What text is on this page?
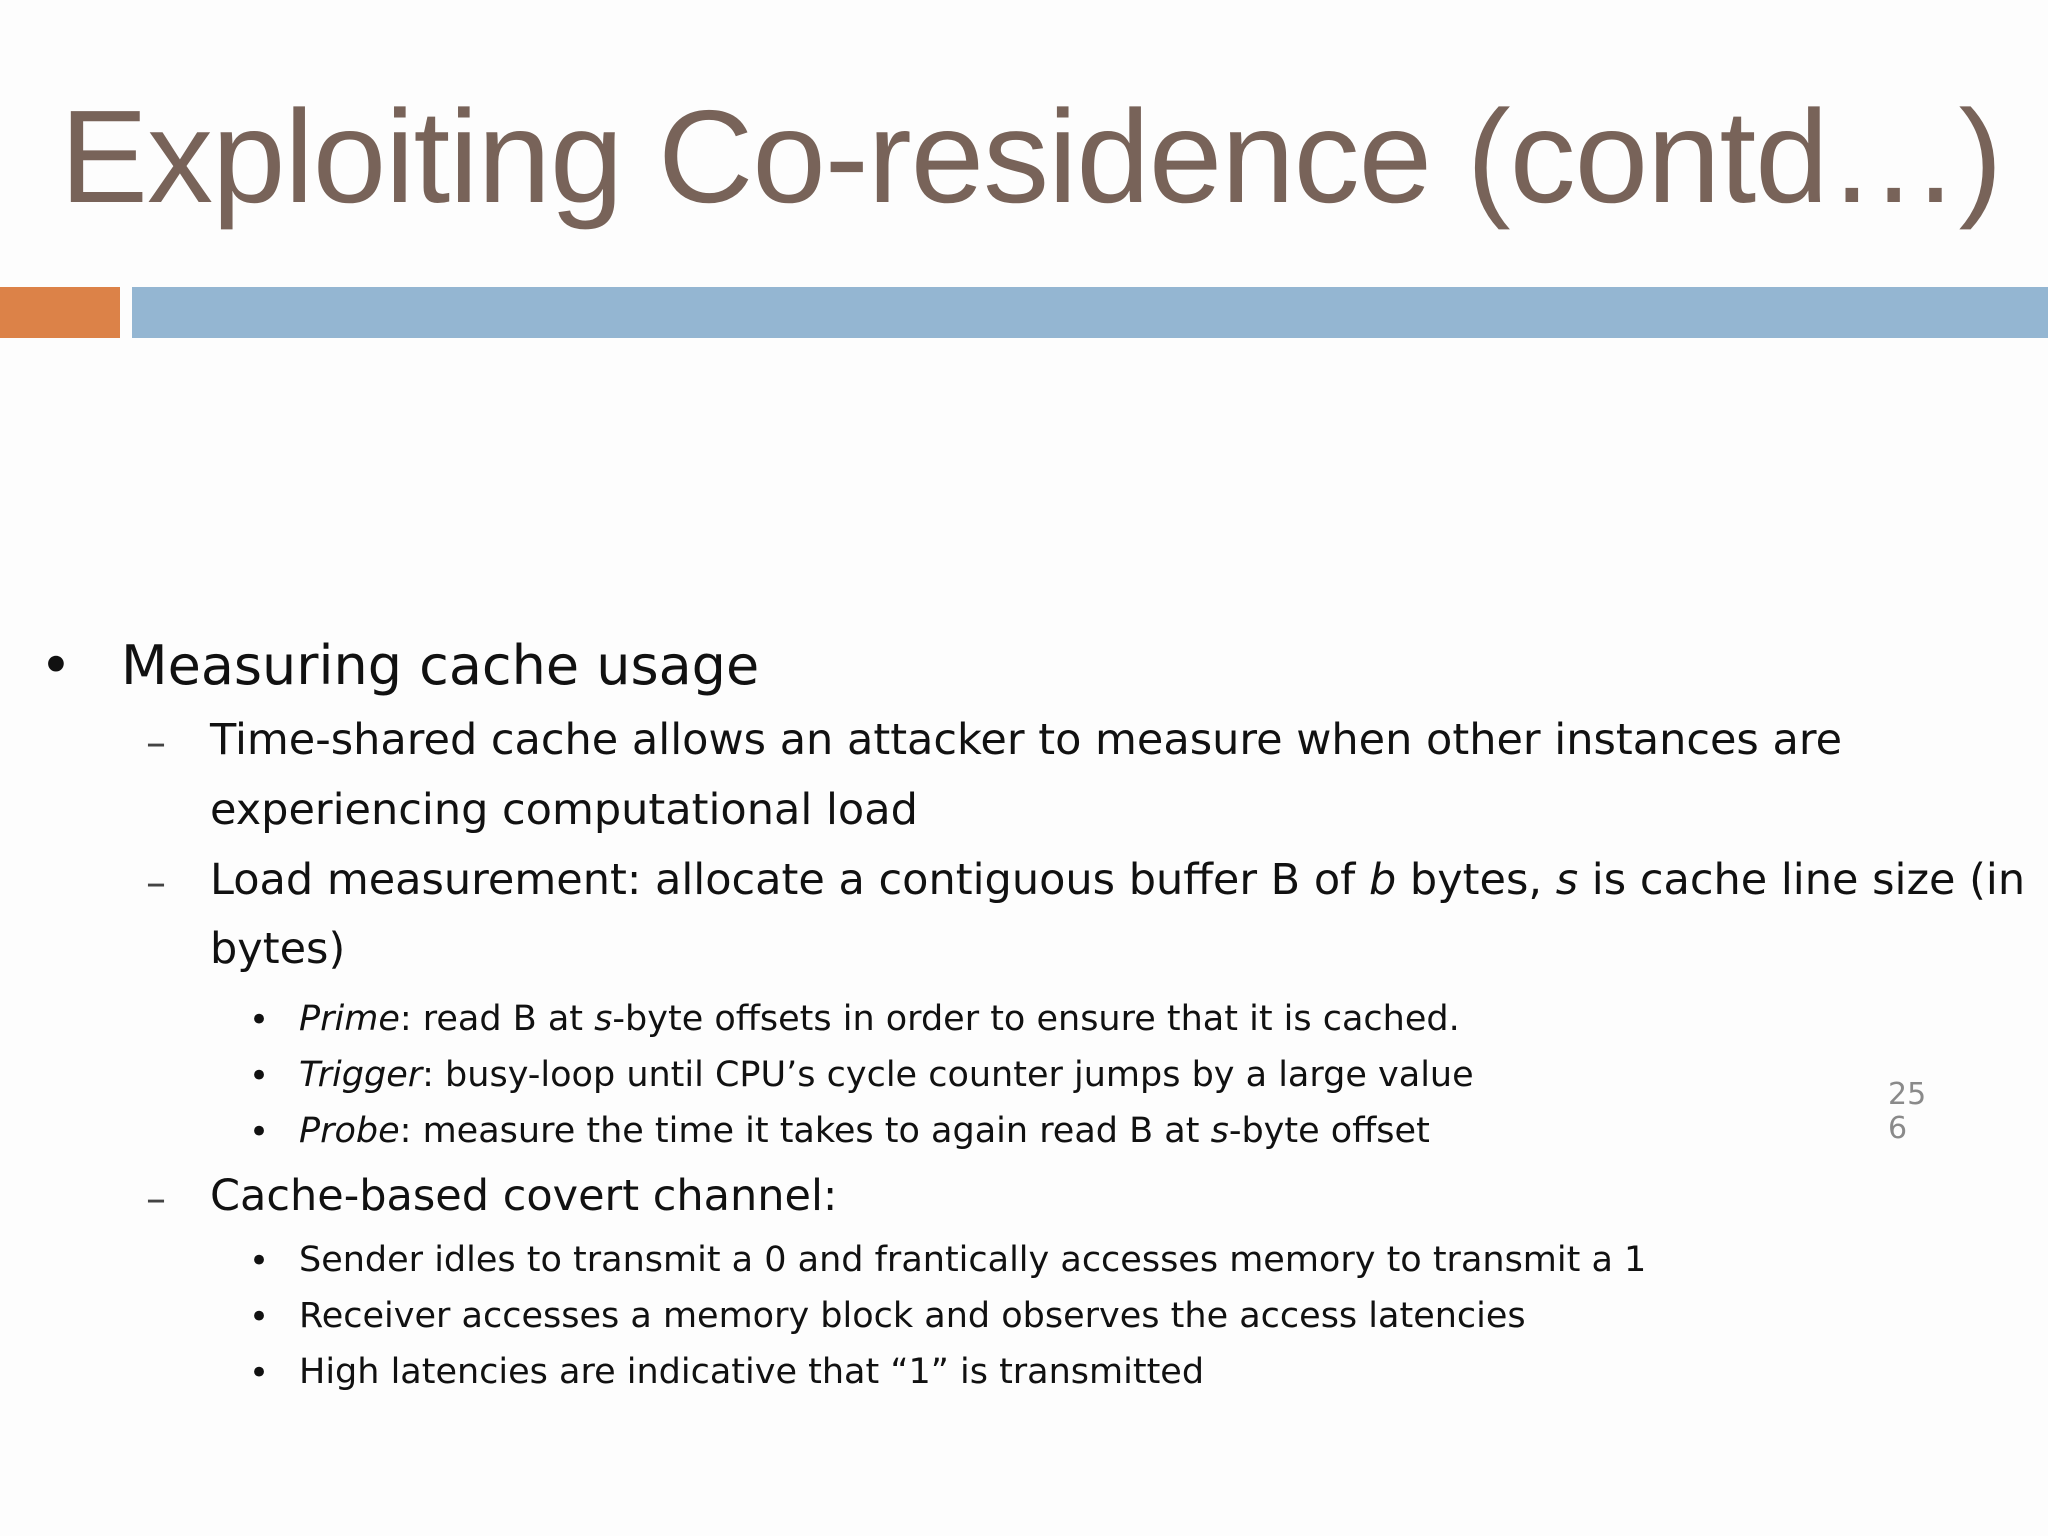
Exploiting Co-residence (contd…)
• Measuring cache usage
– Time-shared cache allows an attacker to measure when other instances are
experiencing computational load
– Load measurement: allocate a contiguous buffer B of b bytes, s is cache line size (in
bytes)
• Prime: read B at s-byte offsets in order to ensure that it is cached.
• Trigger: busy-loop until CPU’s cycle counter jumps by a large value
• Probe: measure the time it takes to again read B at s-byte offset
– Cache-based covert channel:
• Sender idles to transmit a 0 and frantically accesses memory to transmit a 1
• Receiver accesses a memory block and observes the access latencies
• High latencies are indicative that “1” is transmitted
25
6
